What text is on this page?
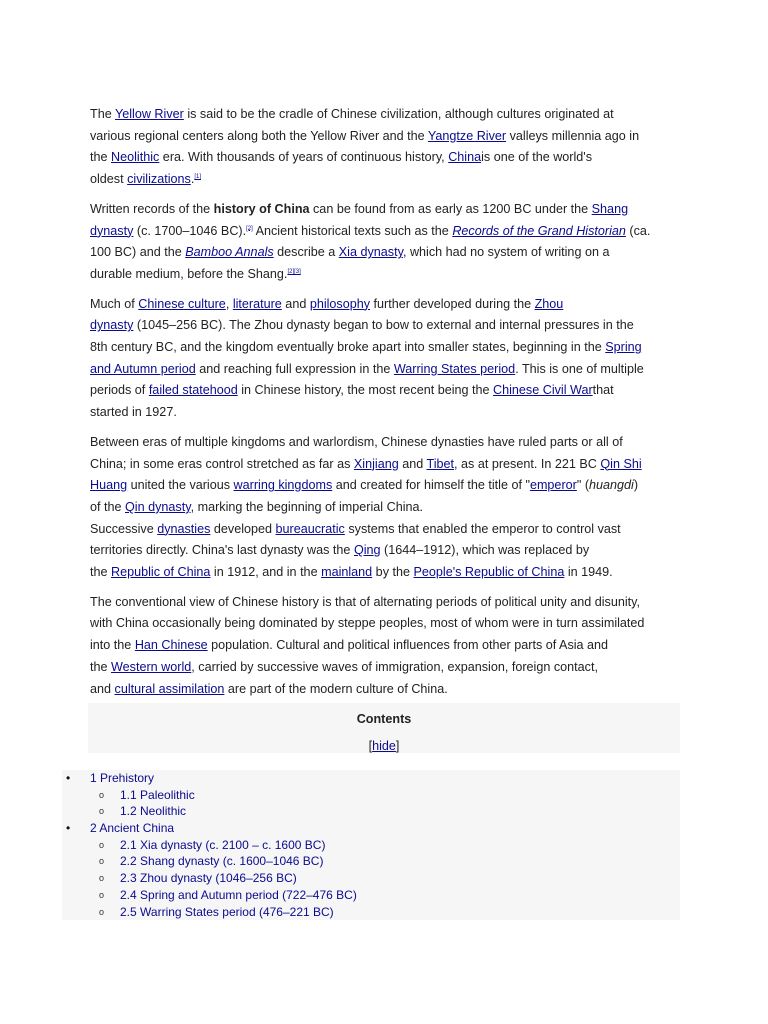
The Yellow River is said to be the cradle of Chinese civilization, although cultures originated at
various regional centers along both the Yellow River and the Yangtze River valleys millennia ago in
the Neolithic era. With thousands of years of continuous history, Chinais one of the world's
oldest civilizations.[1]

Written records of the history of China can be found from as early as 1200 BC under the Shang
dynasty (c. 1700–1046 BC).[2] Ancient historical texts such as the Records of the Grand Historian (ca.
100 BC) and the Bamboo Annals describe a Xia dynasty, which had no system of writing on a
durable medium, before the Shang.[2][3]

Much of Chinese culture, literature and philosophy further developed during the Zhou
dynasty (1045–256 BC). The Zhou dynasty began to bow to external and internal pressures in the
8th century BC, and the kingdom eventually broke apart into smaller states, beginning in the Spring
and Autumn period and reaching full expression in the Warring States period. This is one of multiple
periods of failed statehood in Chinese history, the most recent being the Chinese Civil Warthat
started in 1927.

Between eras of multiple kingdoms and warlordism, Chinese dynasties have ruled parts or all of
China; in some eras control stretched as far as Xinjiang and Tibet, as at present. In 221 BC Qin Shi
Huang united the various warring kingdoms and created for himself the title of "emperor" (huangdi)
of the Qin dynasty, marking the beginning of imperial China.
Successive dynasties developed bureaucratic systems that enabled the emperor to control vast
territories directly. China's last dynasty was the Qing (1644–1912), which was replaced by
the Republic of China in 1912, and in the mainland by the People's Republic of China in 1949.

The conventional view of Chinese history is that of alternating periods of political unity and disunity,
with China occasionally being dominated by steppe peoples, most of whom were in turn assimilated
into the Han Chinese population. Cultural and political influences from other parts of Asia and
the Western world, carried by successive waves of immigration, expansion, foreign contact,
and cultural assimilation are part of the modern culture of China.

Contents
[hide]
• 1 Prehistory
o 1.1 Paleolithic
o 1.2 Neolithic
• 2 Ancient China
o 2.1 Xia dynasty (c. 2100 – c. 1600 BC)
o 2.2 Shang dynasty (c. 1600–1046 BC)
o 2.3 Zhou dynasty (1046–256 BC)
o 2.4 Spring and Autumn period (722–476 BC)
o 2.5 Warring States period (476–221 BC)
